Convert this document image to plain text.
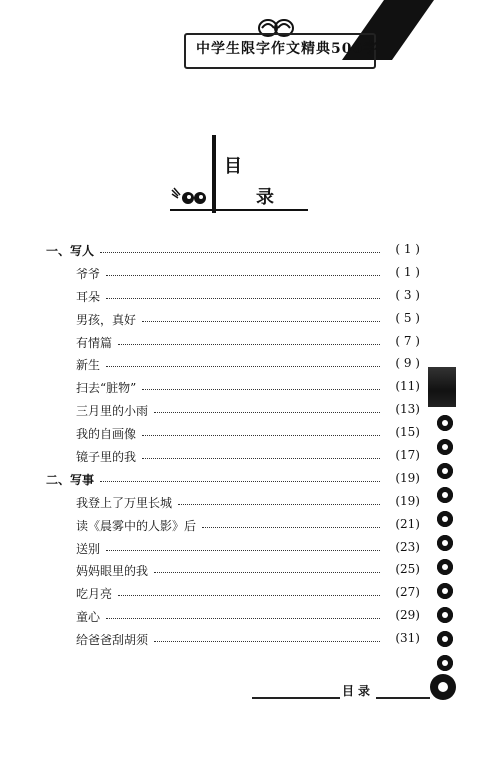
中学生限字作文精典500字
目
录
一、写人	( 1 )
爷爷	( 1 )
耳朵	( 3 )
男孩，真好	( 5 )
有情篇	( 7 )
新生	( 9 )
扫去“脏物”	(11)
三月里的小雨	(13)
我的自画像	(15)
镜子里的我	(17)
二、写事	(19)
我登上了万里长城	(19)
读《晨雾中的人影》后	(21)
送别	(23)
妈妈眼里的我	(25)
吃月亮	(27)
童心	(29)
给爸爸刮胡须	(31)
目录
